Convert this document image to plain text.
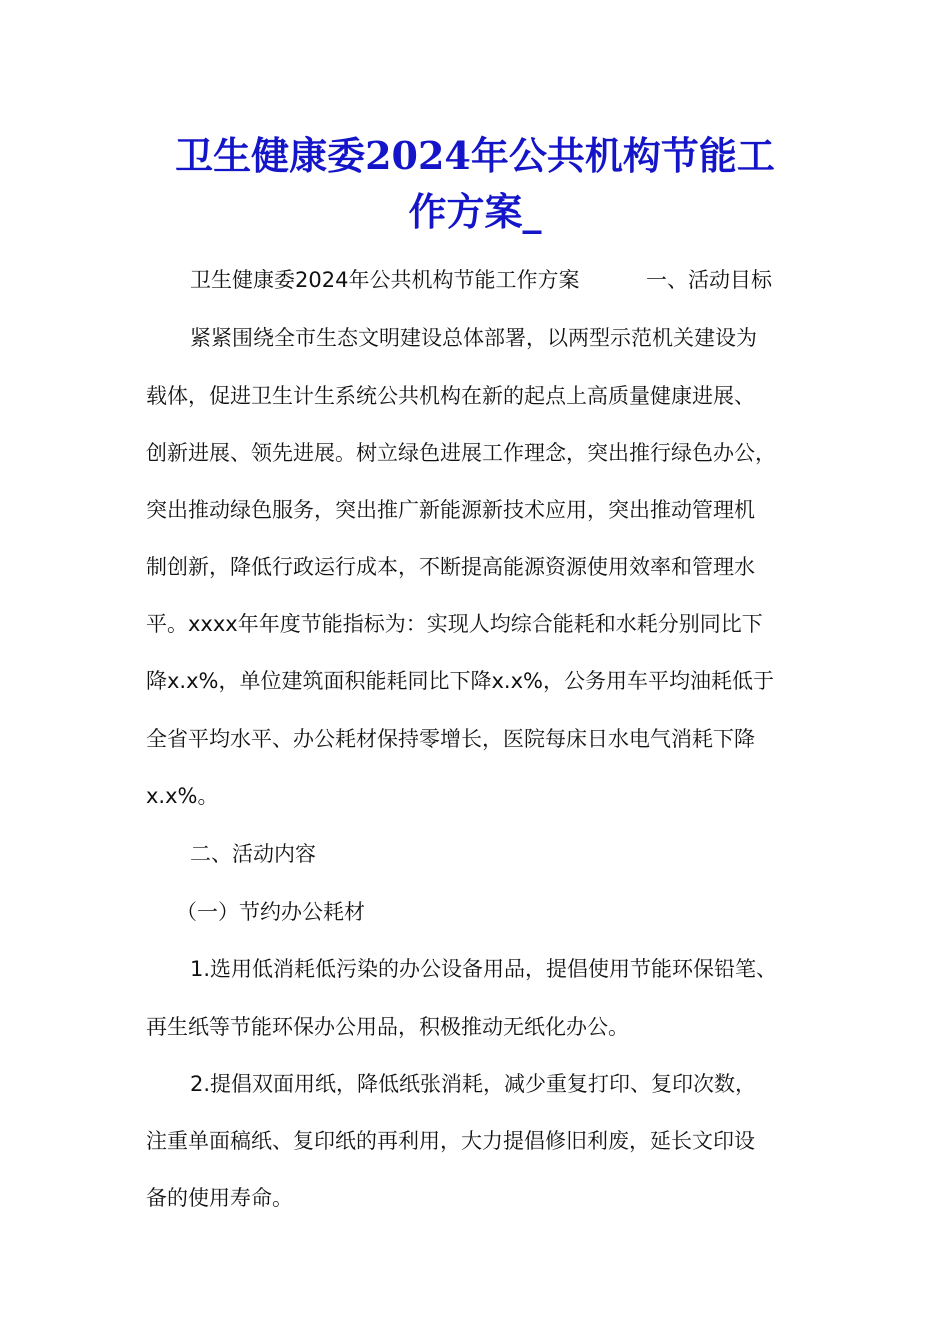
卫生健康委2024年公共机构节能工
作方案_
卫生健康委2024年公共机构节能工作方案	一、活动目标
紧紧围绕全市生态文明建设总体部署，以两型示范机关建设为
载体，促进卫生计生系统公共机构在新的起点上高质量健康进展、
创新进展、领先进展。树立绿色进展工作理念，突出推行绿色办公，
突出推动绿色服务，突出推广新能源新技术应用，突出推动管理机
制创新，降低行政运行成本，不断提高能源资源使用效率和管理水
平。xxxx年年度节能指标为：实现人均综合能耗和水耗分别同比下
降x.x%，单位建筑面积能耗同比下降x.x%，公务用车平均油耗低于
全省平均水平、办公耗材保持零增长，医院每床日水电气消耗下降
x.x%。
二、活动内容
（一）节约办公耗材
1.选用低消耗低污染的办公设备用品，提倡使用节能环保铅笔、
再生纸等节能环保办公用品，积极推动无纸化办公。
2.提倡双面用纸，降低纸张消耗，减少重复打印、复印次数，
注重单面稿纸、复印纸的再利用，大力提倡修旧利废，延长文印设
备的使用寿命。
